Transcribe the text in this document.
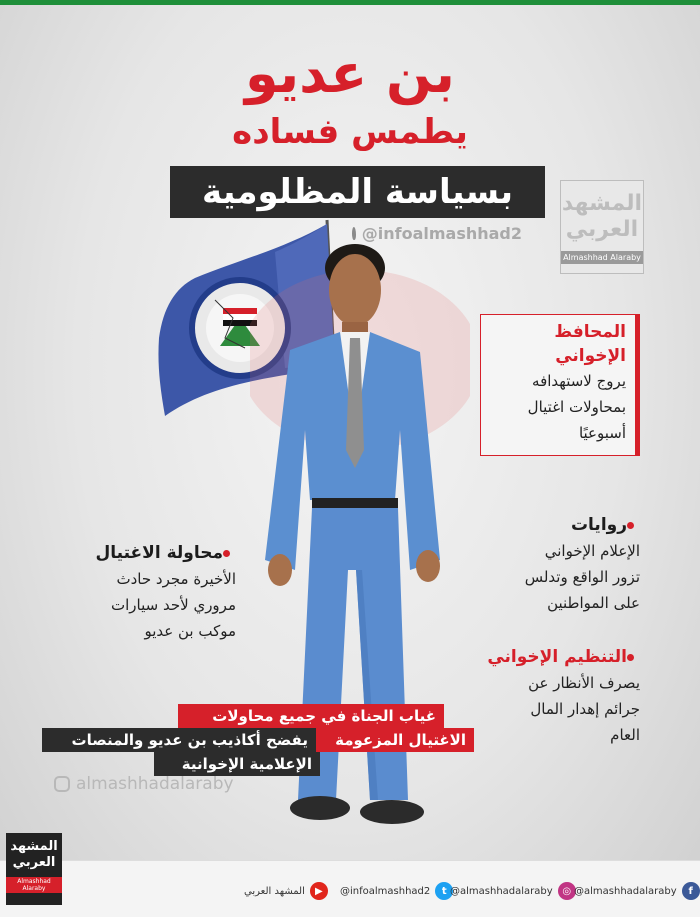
بن عديو
يطمس فساده
بسياسة المظلومية
@infoalmashhad2
المشهد العربي
Almashhad Alaraby
المحافظ
الإخواني
يروج لاستهدافه
بمحاولات اغتيال
أسبوعيًا
محاولة الاغتيال
الأخيرة مجرد حادث
مروري لأحد سيارات
موكب بن عديو
روايات
الإعلام الإخواني
تزور الواقع وتدلس
على المواطنين
التنظيم الإخواني
يصرف الأنظار عن
جرائم إهدار المال
العام
غياب الجناة في جميع محاولات
الاغتيال المزعومة
يفضح أكاذيب بن عديو والمنصات
الإعلامية الإخوانية
almashhadalaraby
المشهد العربي
Almashhad Alaraby	المشهد العربي	▶	@infoalmashhad2	t @almashhadalaraby ◎ @almashhadalaraby	f
